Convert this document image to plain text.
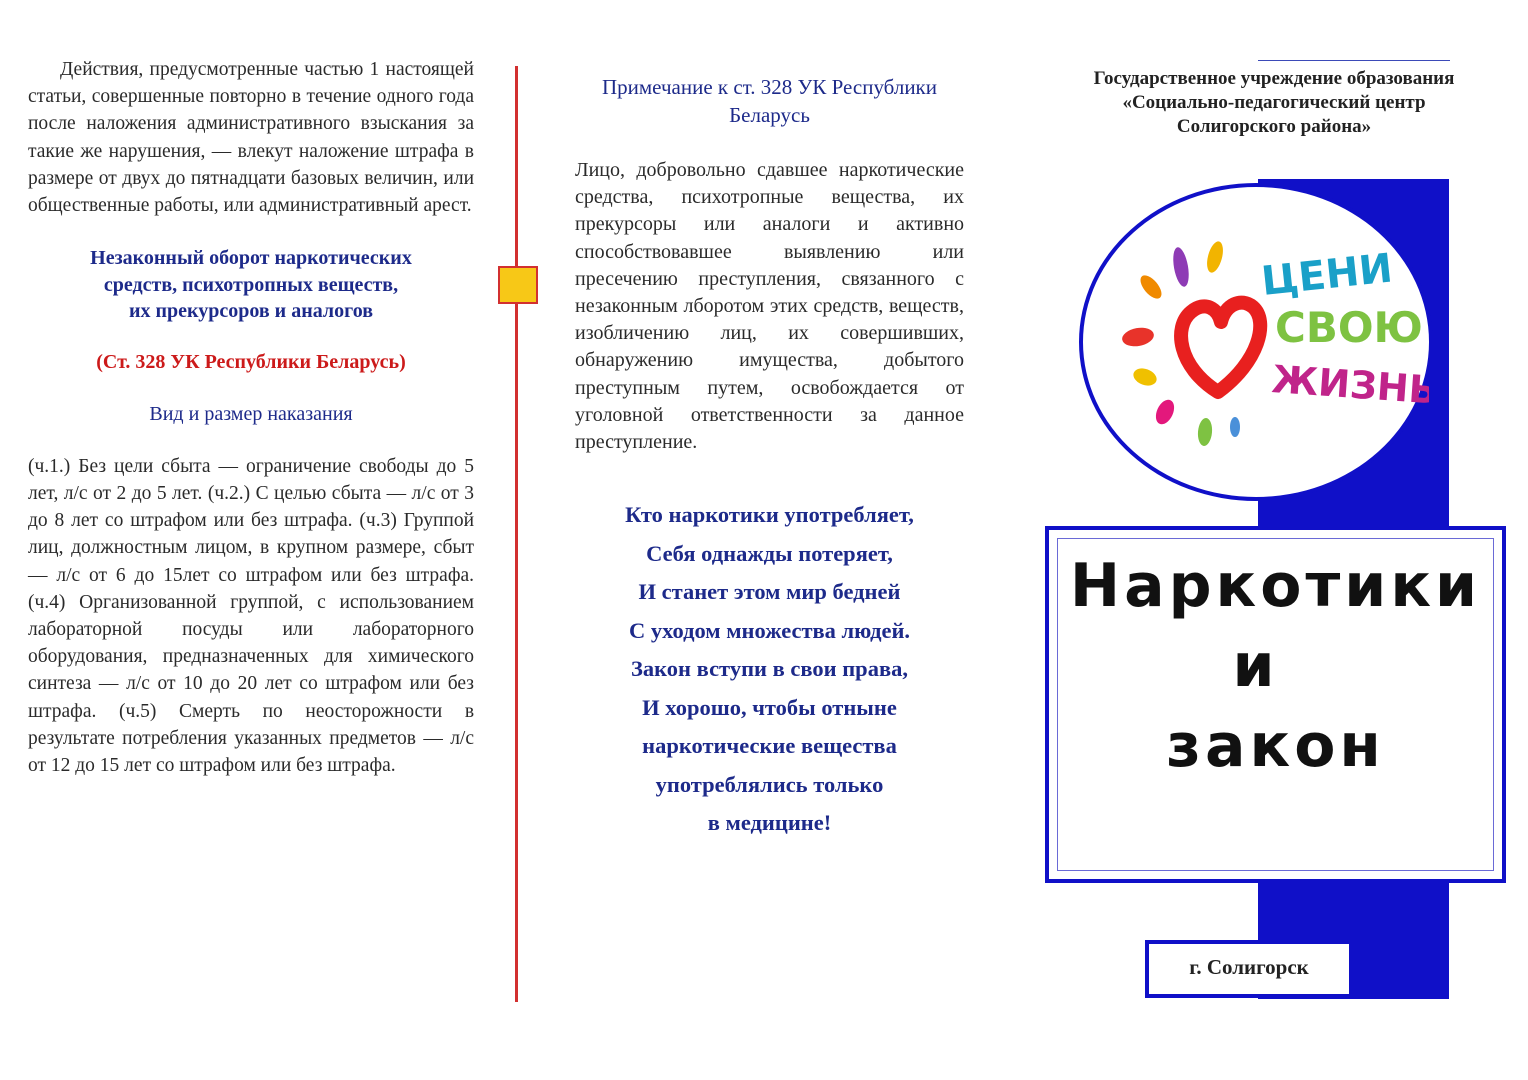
Действия, предусмотренные частью 1 настоящей статьи, совершенные повторно в течение одного года после наложения административного взыскания за такие же нарушения, — влекут наложение штрафа в размере от двух до пятнадцати базовых величин, или общественные работы, или административный арест.
Незаконный оборот наркотических
средств, психотропных веществ,
их прекурсоров и аналогов
(Ст. 328 УК Республики Беларусь)
Вид и размер наказания
(ч.1.) Без цели сбыта — ограничение свободы до 5 лет, л/с от 2 до 5 лет. (ч.2.) С целью сбыта — л/с от 3 до 8 лет со штрафом или без штрафа. (ч.3) Группой лиц, должностным лицом, в крупном размере, сбыт — л/с от 6 до 15лет со штрафом или без штрафа. (ч.4) Организованной группой, с использованием лабораторной посуды или лабораторного оборудования, предназначенных для химического синтеза — л/с от 10 до 20 лет со штрафом или без штрафа. (ч.5) Смерть по неосторожности в результате потребления указанных предметов — л/с от 12 до 15 лет со штрафом или без штрафа.
Примечание к ст. 328 УК Республики
Беларусь
Лицо, добровольно сдавшее наркотические средства, психотропные вещества, их прекурсоры или аналоги и активно способствовавшее	выявлению или пресечению преступления, связанного с незаконным лборотом этих средств, веществ, изобличению лиц, их совершивших, обнаружению имущества, добытого преступным путем, освобождается от уголовной ответственности за данное преступление.
Кто наркотики употребляет,
Себя однажды потеряет,
И станет этом мир бедней
С уходом множества людей.
Закон вступи в свои права,
И хорошо, чтобы отныне
наркотические вещества
употреблялись только
в медицине!
Государственное учреждение образования
«Социально-педагогический центр
Солигорского района»
ЦЕНИ
СВОЮ
ЖИЗНЬ
Наркотики
и
закон
г. Солигорск
